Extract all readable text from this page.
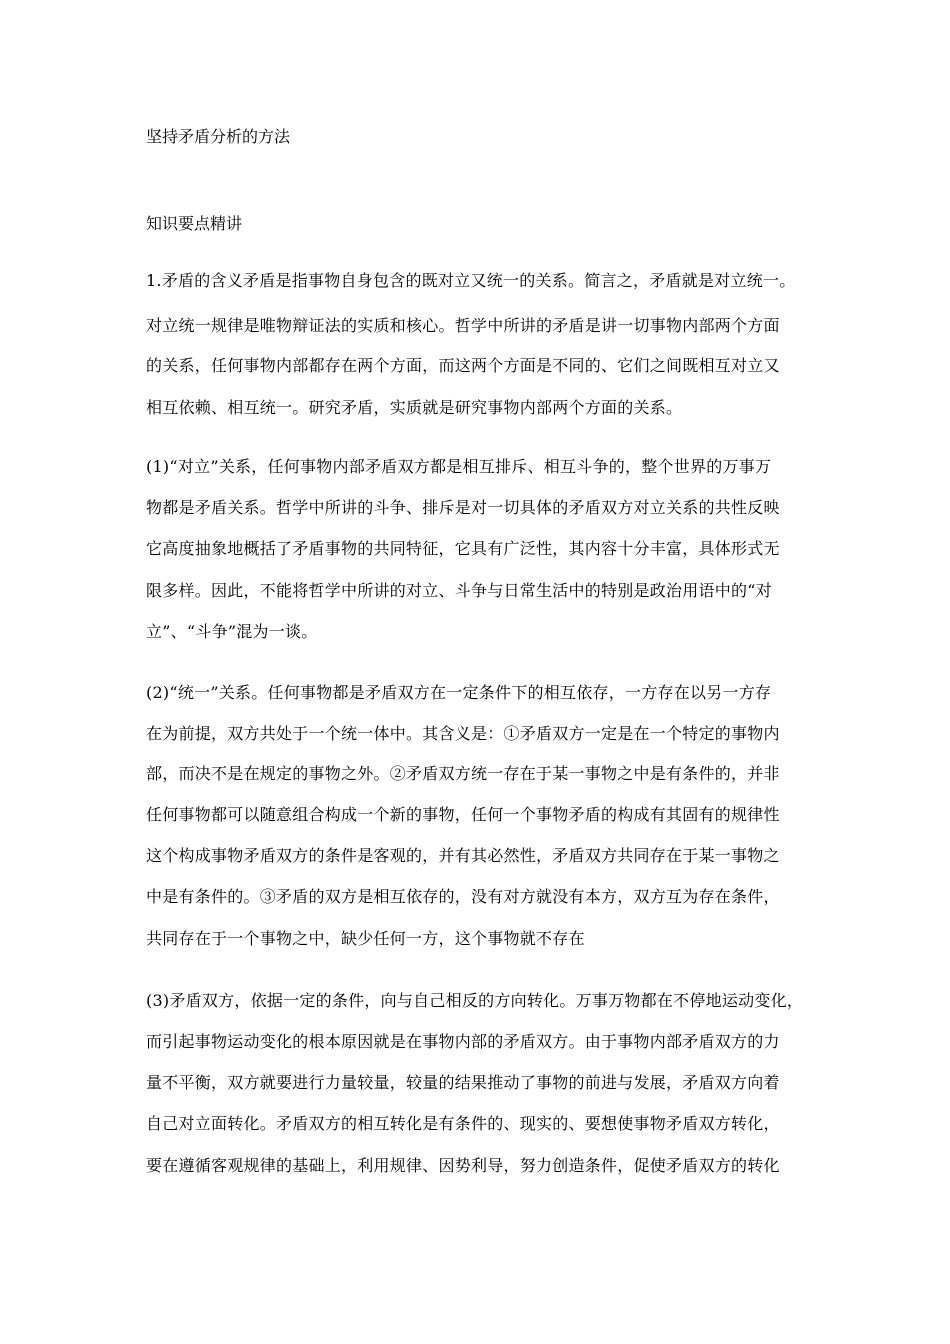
坚持矛盾分析的方法
知识要点精讲
1.矛盾的含义矛盾是指事物自身包含的既对立又统一的关系。简言之，矛盾就是对立统一。
对立统一规律是唯物辩证法的实质和核心。哲学中所讲的矛盾是讲一切事物内部两个方面
的关系，任何事物内部都存在两个方面，而这两个方面是不同的、它们之间既相互对立又
相互依赖、相互统一。研究矛盾，实质就是研究事物内部两个方面的关系。
(1)“对立”关系，任何事物内部矛盾双方都是相互排斥、相互斗争的，整个世界的万事万
物都是矛盾关系。哲学中所讲的斗争、排斥是对一切具体的矛盾双方对立关系的共性反映
它高度抽象地概括了矛盾事物的共同特征，它具有广泛性，其内容十分丰富，具体形式无
限多样。因此，不能将哲学中所讲的对立、斗争与日常生活中的特别是政治用语中的“对
立”、“斗争”混为一谈。
(2)“统一”关系。任何事物都是矛盾双方在一定条件下的相互依存，一方存在以另一方存
在为前提，双方共处于一个统一体中。其含义是：①矛盾双方一定是在一个特定的事物内
部，而决不是在规定的事物之外。②矛盾双方统一存在于某一事物之中是有条件的，并非
任何事物都可以随意组合构成一个新的事物，任何一个事物矛盾的构成有其固有的规律性
这个构成事物矛盾双方的条件是客观的，并有其必然性，矛盾双方共同存在于某一事物之
中是有条件的。③矛盾的双方是相互依存的，没有对方就没有本方，双方互为存在条件，
共同存在于一个事物之中，缺少任何一方，这个事物就不存在
(3)矛盾双方，依据一定的条件，向与自己相反的方向转化。万事万物都在不停地运动变化，
而引起事物运动变化的根本原因就是在事物内部的矛盾双方。由于事物内部矛盾双方的力
量不平衡，双方就要进行力量较量，较量的结果推动了事物的前进与发展，矛盾双方向着
自己对立面转化。矛盾双方的相互转化是有条件的、现实的、要想使事物矛盾双方转化，
要在遵循客观规律的基础上，利用规律、因势利导，努力创造条件，促使矛盾双方的转化
